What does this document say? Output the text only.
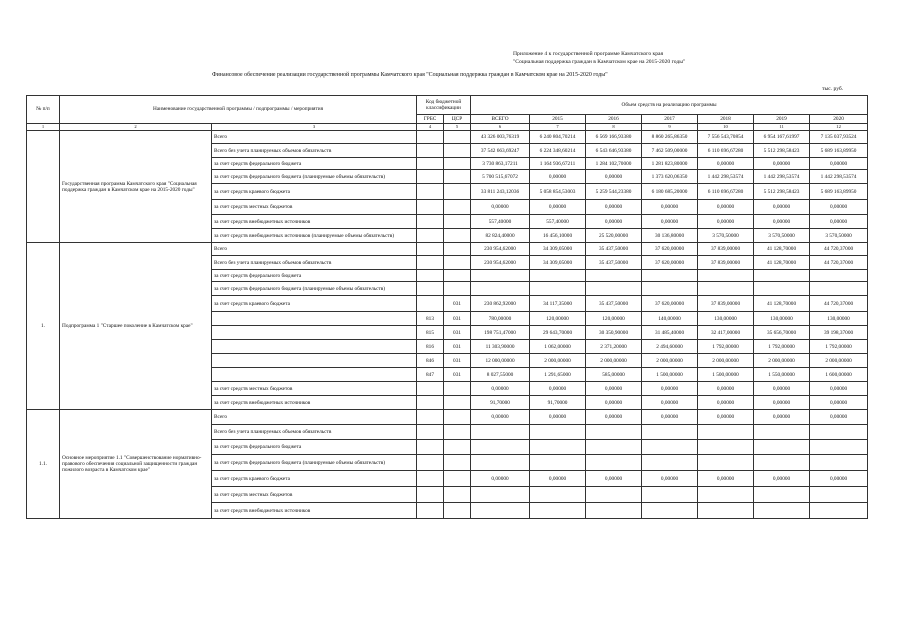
Приложение 4 к государственной программе Камчатского края
"Социальная поддержка граждан в Камчатском крае на 2015-2020 годы"
Финансовое обеспечение реализации государственной программы Камчатского края "Социальная поддержка граждан в Камчатском крае на 2015-2020 годы"
тыс. руб.
№ п/п	Наименование государственной программы / подпрограммы / мероприятия		Код бюджетной классификации		Объем средств на реализацию программы						
			ГРБС	ЦСР	ВСЕГО	2015	2016	2017	2018	2019	2020
1	2	3	4	5	6	7	8	9	10	11	12
	Государственная программа Камчатского края "Социальная поддержка граждан в Камчатском крае на 2015-2020 годы"	Всего			43 326 003,76319	6 240 804,70214	6 569 166,93380	8 860 265,86350	7 556 543,70854	6 954 167,61997	7 135 037,93524
		Всего без учета планируемых объемов обязательств			37 542 663,69247	6 224 348,60214	6 543 646,93380	7 462 509,00000	6 110 696,67280	5 512 298,58423	5 689 163,89950
		за счет средств федерального бюджета			3 730 863,17211	1 164 936,67211	1 284 102,70000	1 281 823,80000	0,00000	0,00000	0,00000
		за счет средств федерального бюджета (планируемые объемы обязательств)			5 700 515,67072	0,00000	0,00000	1 373 620,06350	1 442 298,53574	1 442 298,53574	1 442 298,53574
		за счет средств краевого бюджета			33 811 243,12036	5 058 854,53003	5 259 544,23380	6 180 685,20000	6 110 696,67280	5 512 298,58423	5 689 163,89950
		за счет средств местных бюджетов			0,00000	0,00000	0,00000	0,00000	0,00000	0,00000	0,00000
		за счет средств внебюджетных источников			557,40000	557,40000	0,00000	0,00000	0,00000	0,00000	0,00000
		за счет средств внебюджетных источников (планируемые объемы обязательств)			82 824,40000	16 456,10000	25 520,00000	30 136,80000	3 570,50000	3 570,50000	3 570,50000
1.	Подпрограмма 1 "Старшее поколение в Камчатском крае"	Всего			230 954,62000	34 309,05000	35 437,50000	37 620,00000	37 839,00000	41 128,70000	44 720,37000
		Всего без учета планируемых объемов обязательств			230 954,62000	34 309,05000	35 437,50000	37 620,00000	37 839,00000	41 128,70000	44 720,37000
		за счет средств федерального бюджета									
		за счет средств федерального бюджета (планируемые объемы обязательств)									
		за счет средств краевого бюджета		031	230 862,92000	34 117,35000	35 437,50000	37 620,00000	37 839,00000	41 128,70000	44 720,37000
			813	031	780,00000	120,00000	120,00000	140,00000	130,00000	130,00000	130,00000
			815	031	198 751,47000	29 643,70000	30 350,90000	31 485,40000	32 417,00000	35 656,70000	39 198,37000
			816	031	11 303,90000	1 062,00000	2 371,20000	2 494,60000	1 792,00000	1 792,00000	1 792,00000
			846	031	12 000,00000	2 000,00000	2 000,00000	2 000,00000	2 000,00000	2 000,00000	2 000,00000
			847	031	8 027,55000	1 291,65000	585,00000	1 500,00000	1 500,00000	1 550,00000	1 600,00000
		за счет средств местных бюджетов			0,00000	0,00000	0,00000	0,00000	0,00000	0,00000	0,00000
		за счет средств внебюджетных источников			91,70000	91,70000	0,00000	0,00000	0,00000	0,00000	0,00000
1.1.	Основное мероприятие 1.1 "Совершенствование нормативно-правового обеспечения социальной защищенности граждан пожилого возраста в Камчатском крае"	Всего			0,00000	0,00000	0,00000	0,00000	0,00000	0,00000	0,00000
		Всего без учета планируемых объемов обязательств									
		за счет средств федерального бюджета									
		за счет средств федерального бюджета (планируемые объемы обязательств)									
		за счет средств краевого бюджета			0,00000	0,00000	0,00000	0,00000	0,00000	0,00000	0,00000
		за счет средств местных бюджетов									
		за счет средств внебюджетных источников									
